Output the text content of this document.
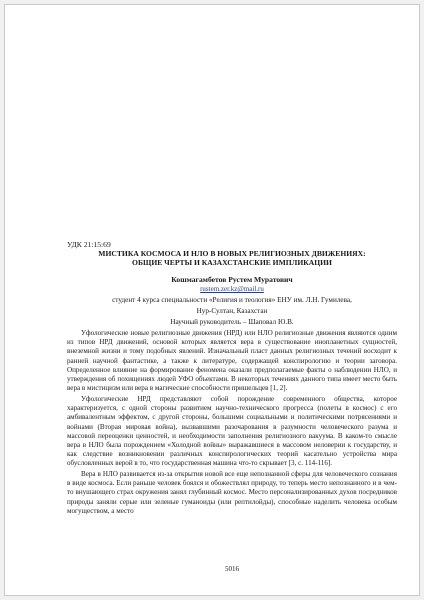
УДК 21:15:69
МИСТИКА КОСМОСА И НЛО В НОВЫХ РЕЛИГИОЗНЫХ ДВИЖЕНИЯХ:
ОБЩИЕ ЧЕРТЫ И КАЗАХСТАНСКИЕ ИМПЛИКАЦИИ
Кошмагамбетов Рустем Муратович
rustem.zer.kz@mail.ru
студент 4 курса специальности «Религия и теология» ЕНУ им. Л.Н. Гумилева,
Нур-Султан, Казахстан
Научный руководитель – Шаповал Ю.В.

Уфологические новые религиозные движения (НРД) или НЛО религиозные движения являются одним из типов НРД движений, основой которых является вера в существование инопланетных сущностей, внеземной жизни и тому подобных явлений. Изначальный пласт данных религиозных течений восходит к ранней научной фантастике, а также к литературе, содержащей конспирологию и теории заговора. Определенное влияние на формирование феномена оказали предполагаемые факты о наблюдении НЛО, и утверждения об похищениях людей УФО объектами. В некоторых течениях данного типа имеет место быть вера в мистицизм или вера в магические способности пришельцев [1, 2].

Уфологические НРД представляют собой порождение современного общества, которое характеризуется, с одной стороны развитием научно-технического прогресса (полеты в космос) с его амбивалентным эффектом, с другой стороны, большими социальными и политическими потрясениями и войнами (Вторая мировая война), вызвавшими разочарования в разумности человеческого разума и массовой переоценки ценностей, и необходимости заполнения религиозного вакуума. В каком-то смысле вера в НЛО была порождением «Холодной войны» выражавшиеся в массовом неловерии к государству, и как следствие возникновении различных конспирологических теорий касательно устройства мира обусловленных верой в то, что государственная машина что-то скрывает [3, с. 114-116].

Вера в НЛО развивается из-за открытия новой все еще непознанной сферы для человеческого сознания в виде космоса. Если раньше человек боялся и обожествлял природу, то теперь место непознанного и в чем-то внушающего страх окружения занял глубинный космос. Место персонализированных духов посредников природы заняли серые или зеленые гуманоиды (или рептилойды), способные наделить человека особым могуществом, а место

5016
